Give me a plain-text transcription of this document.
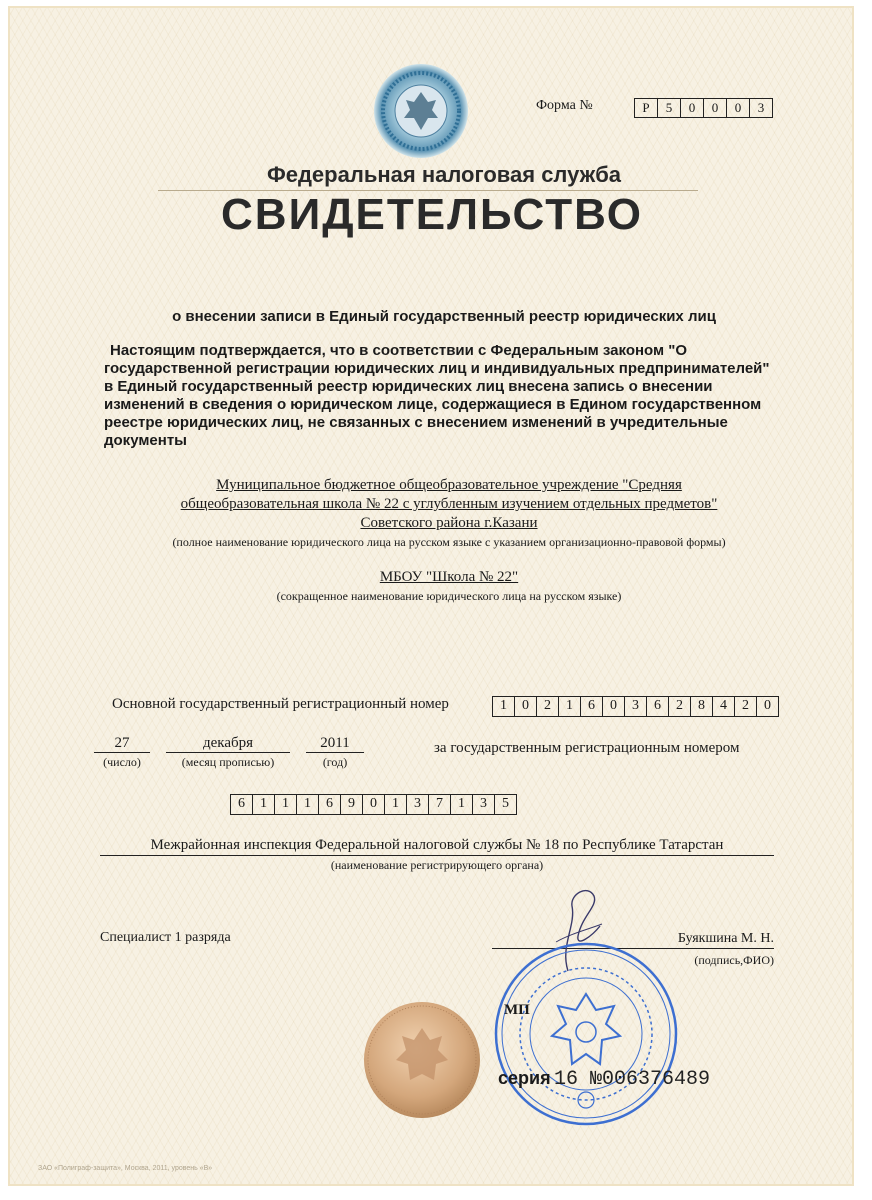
Форма №	Р	5	0	0	0	3
Федеральная налоговая служба
СВИДЕТЕЛЬСТВО
о внесении записи в Единый государственный реестр юридических лиц
Настоящим подтверждается, что в соответствии с Федеральным законом "О
государственной регистрации юридических лиц и индивидуальных предпринимателей"
в Единый государственный реестр юридических лиц внесена запись о внесении
изменений в сведения о юридическом лице, содержащиеся в Едином государственном
реестре юридических лиц, не связанных с внесением изменений в учредительные
документы
Муниципальное бюджетное общеобразовательное учреждение "Средняя
общеобразовательная школа № 22 с углубленным изучением отдельных предметов"
Советского района г.Казани
(полное наименование юридического лица на русском языке с указанием организационно-правовой формы)
МБОУ "Школа № 22"
(сокращенное наименование юридического лица на русском языке)
Основной государственный регистрационный номер	1	0	2	1	6	0	3	6	2	8	4	2	0
27
(число)
декабря
(месяц прописью)
2011
(год)
за государственным регистрационным номером
6	1	1	1	6	9	0	1	3	7	1	3	5
Межрайонная инспекция Федеральной налоговой службы № 18 по Республике Татарстан
(наименование регистрирующего органа)
Специалист 1 разряда	Буякшина М. Н.
(подпись,ФИО)
МП
серия 16 №006376489
ЗАО «Полиграф-защита», Москва, 2011, уровень «В»
